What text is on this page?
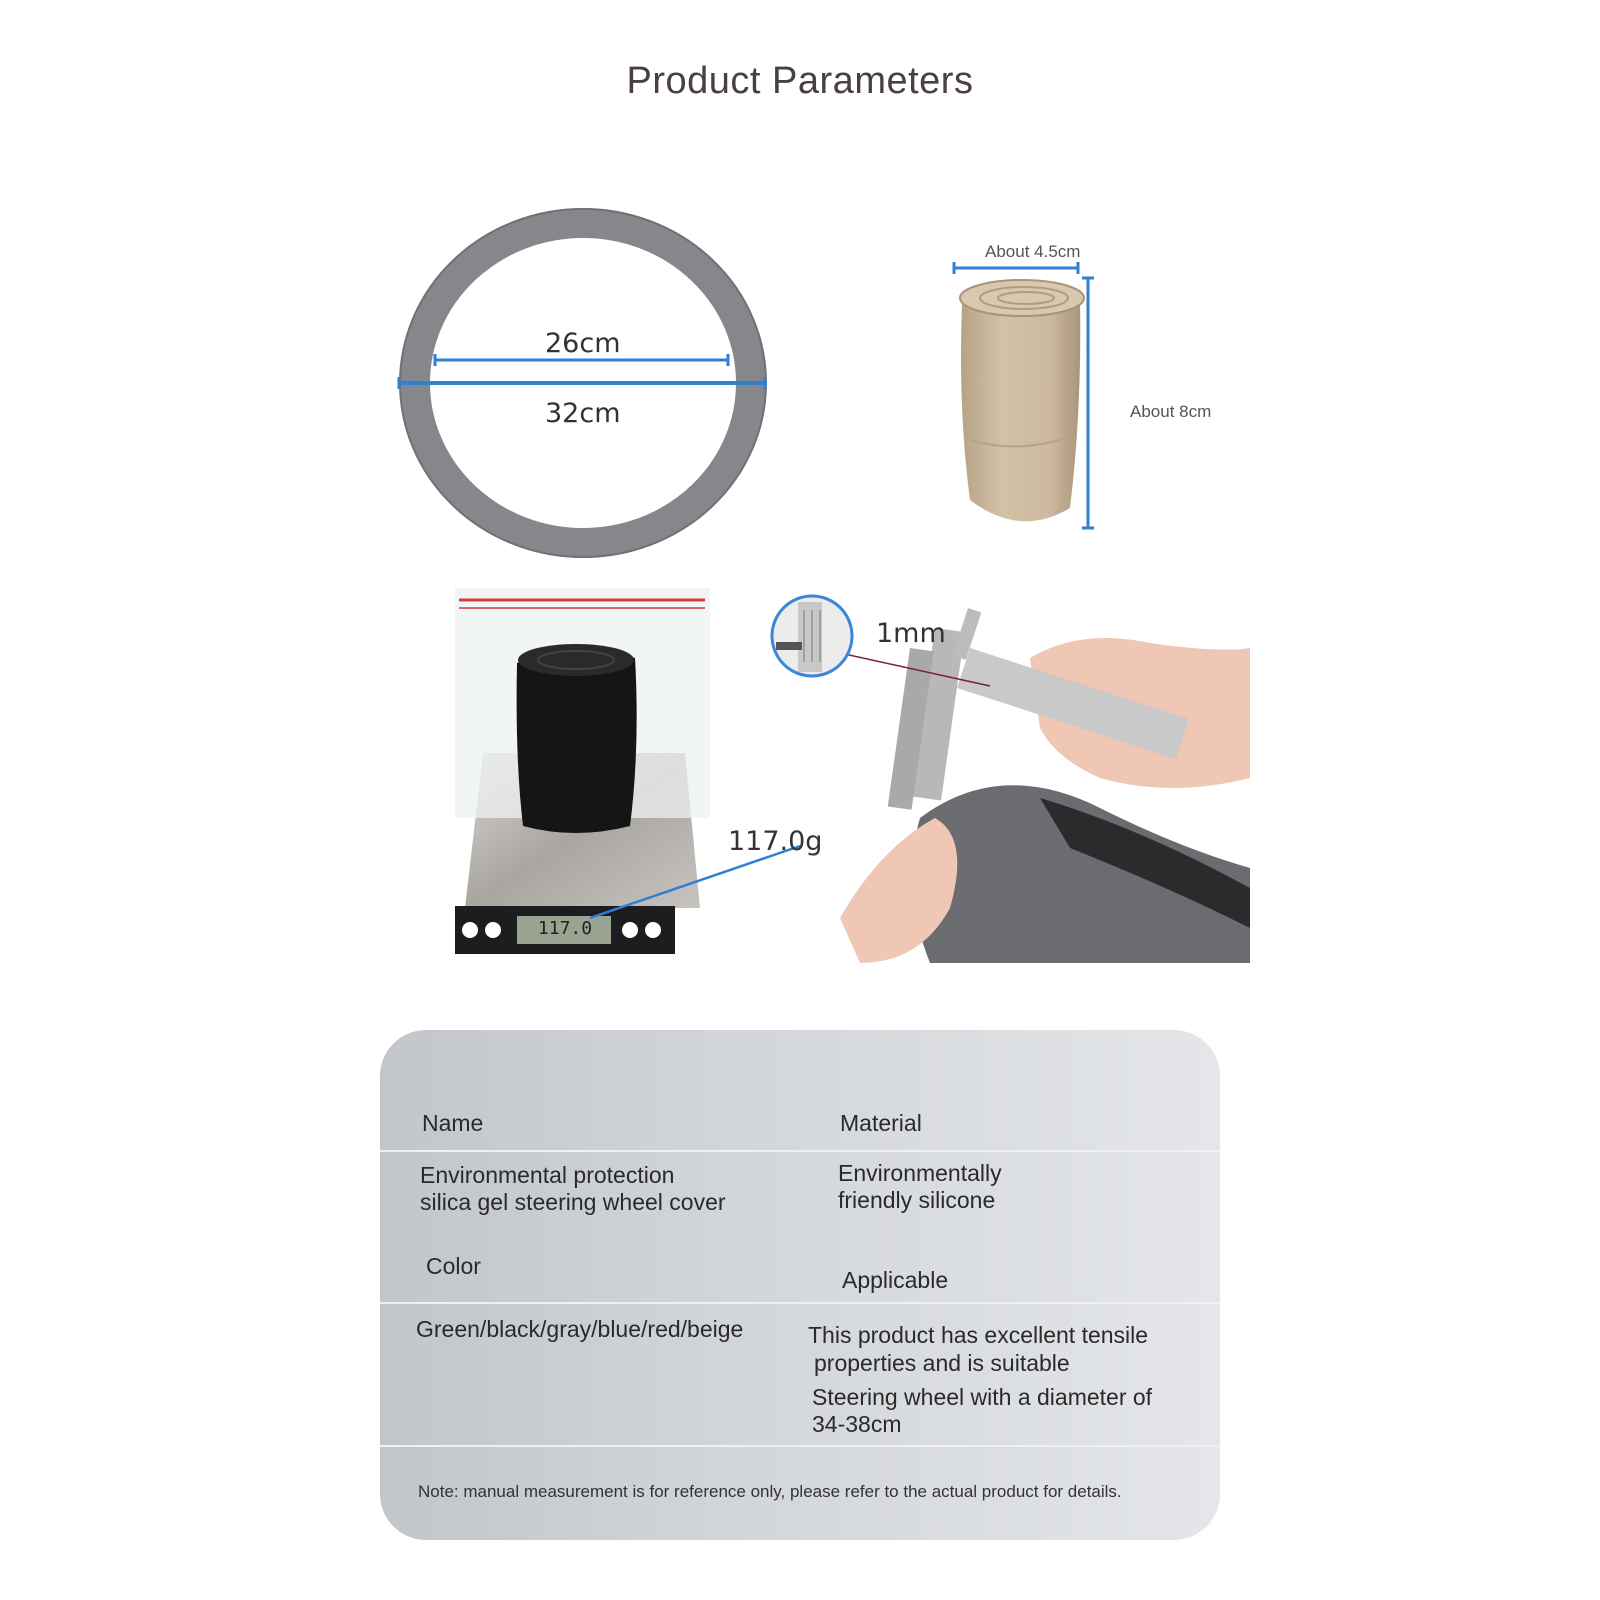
Product Parameters
26cm
32cm
About 4.5cm
About 8cm
117.0
117.0g
1mm
Name	Material
Environmental protection
silica gel steering wheel cover
Environmentally
friendly silicone
Color
Applicable
Green/black/gray/blue/red/beige	This product has excellent tensile
properties and is suitable
Steering wheel with a diameter of
34-38cm
Note: manual measurement is for reference only, please refer to the actual product for details.
